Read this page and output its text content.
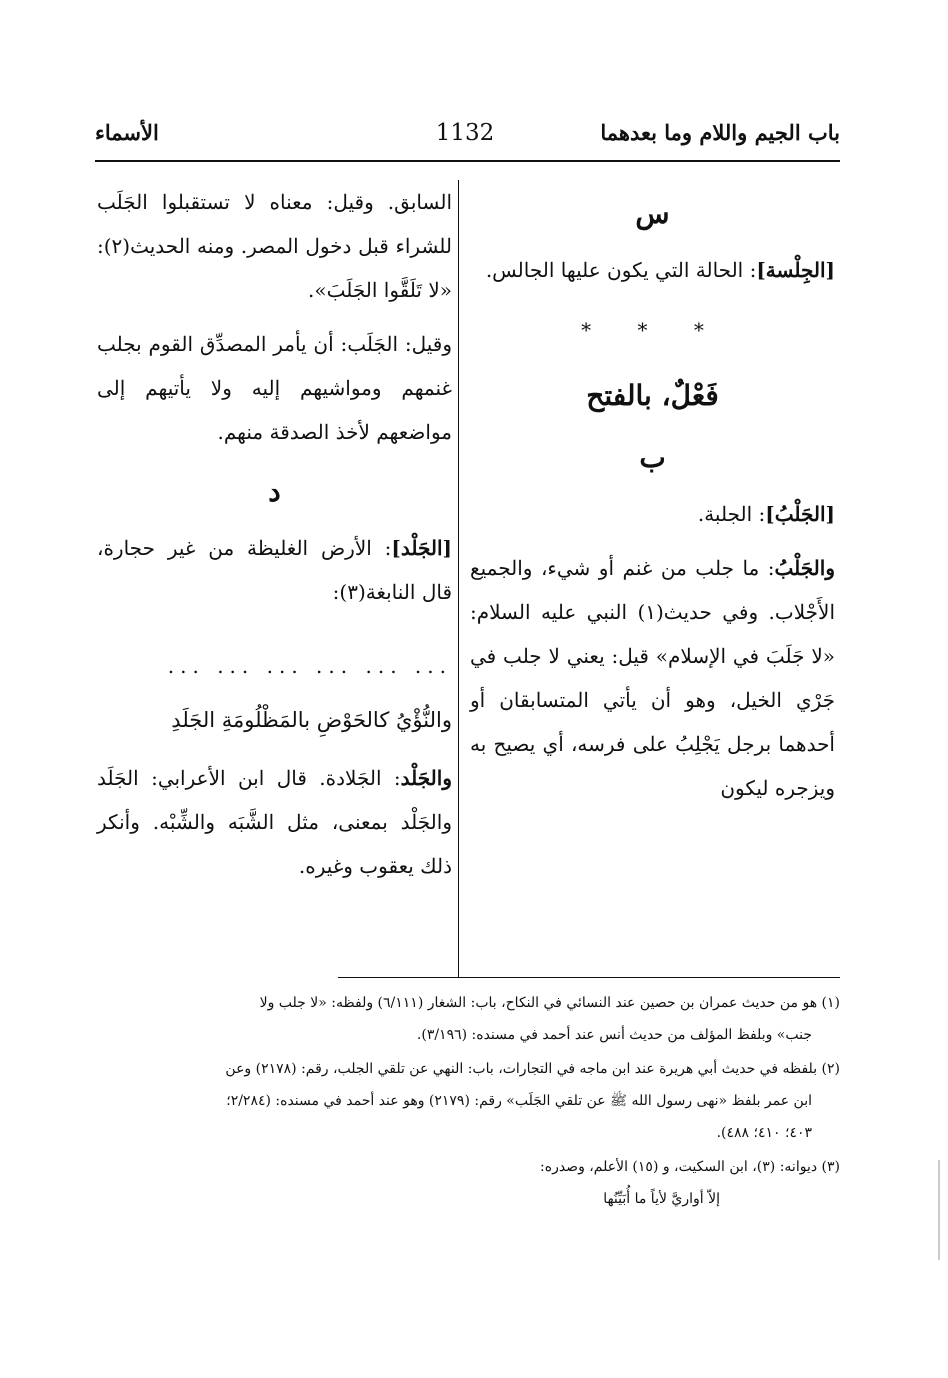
باب الجيم واللام وما بعدهما
1132
الأسماء
س

[الجِلْسة]: الحالة التي يكون عليها الجالس.

* * *
فَعْلٌ، بالفتح
ب

[الجَلْبُ]: الجلبة.

والجَلْبُ: ما جلب من غنم أو شيء، والجميع الأَجْلاب. وفي حديث(١) النبي عليه السلام: «لا جَلَبَ في الإسلام» قيل: يعني لا جلب في جَرْي الخيل، وهو أن يأتي المتسابقان أو أحدهما برجل يَجْلِبُ على فرسه، أي يصيح به ويزجره ليكون

السابق. وقيل: معناه لا تستقبلوا الجَلَب للشراء قبل دخول المصر. ومنه الحديث(٢): «لا تَلَقَّوا الجَلَبَ».

وقيل: الجَلَب: أن يأمر المصدِّق القوم بجلب غنمهم ومواشيهم إليه ولا يأتيهم إلى مواضعهم لأخذ الصدقة منهم.

د

[الجَلْد]: الأرض الغليظة من غير حجارة، قال النابغة(٣):

... ... ... ... ... ...
والنُّؤْيُ كالحَوْضِ بالمَظْلُومَةِ الجَلَدِ

والجَلْد: الجَلادة. قال ابن الأعرابي: الجَلَد والجَلْد بمعنى، مثل الشَّبَه والشِّبْه. وأنكر ذلك يعقوب وغيره.

(١) هو من حديث عمران بن حصين عند النسائي في النكاح، باب: الشغار (٦/١١١) ولفظه: «لا جلب ولا
جنب» وبلفظ المؤلف من حديث أنس عند أحمد في مسنده: (٣/١٩٦).
(٢) بلفظه في حديث أبي هريرة عند ابن ماجه في التجارات، باب: النهي عن تلقي الجلب، رقم: (٢١٧٨) وعن
ابن عمر بلفظ «نهى رسول الله ﷺ عن تلقي الجَلَب» رقم: (٢١٧٩) وهو عند أحمد في مسنده: (٢/٢٨٤؛
٤٠٣؛ ٤١٠؛ ٤٨٨).
(٣) ديوانه: (٣)، ابن السكيت، و (١٥) الأعلم، وصدره:
إلاّ أواريَّ لأياً ما أُبَيِّنُها
